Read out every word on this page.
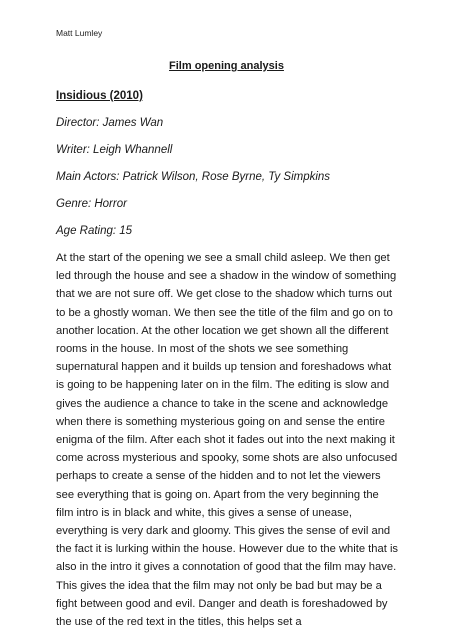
Matt Lumley
Film opening analysis
Insidious (2010)
Director: James Wan
Writer: Leigh Whannell
Main Actors: Patrick Wilson, Rose Byrne, Ty Simpkins
Genre: Horror
Age Rating: 15

At the start of the opening we see a small child asleep. We then get led through the house and see a shadow in the window of something that we are not sure off. We get close to the shadow which turns out to be a ghostly woman. We then see the title of the film and go on to another location. At the other location we get shown all the different rooms in the house. In most of the shots we see something supernatural happen and it builds up tension and foreshadows what is going to be happening later on in the film. The editing is slow and gives the audience a chance to take in the scene and acknowledge when there is something mysterious going on and sense the entire enigma of the film. After each shot it fades out into the next making it come across mysterious and spooky, some shots are also unfocused perhaps to create a sense of the hidden and to not let the viewers see everything that is going on. Apart from the very beginning the film intro is in black and white, this gives a sense of unease, everything is very dark and gloomy. This gives the sense of evil and the fact it is lurking within the house. However due to the white that is also in the intro it gives a connotation of good that the film may have. This gives the idea that the film may not only be bad but may be a fight between good and evil. Danger and death is foreshadowed by the use of the red text in the titles, this helps set a
